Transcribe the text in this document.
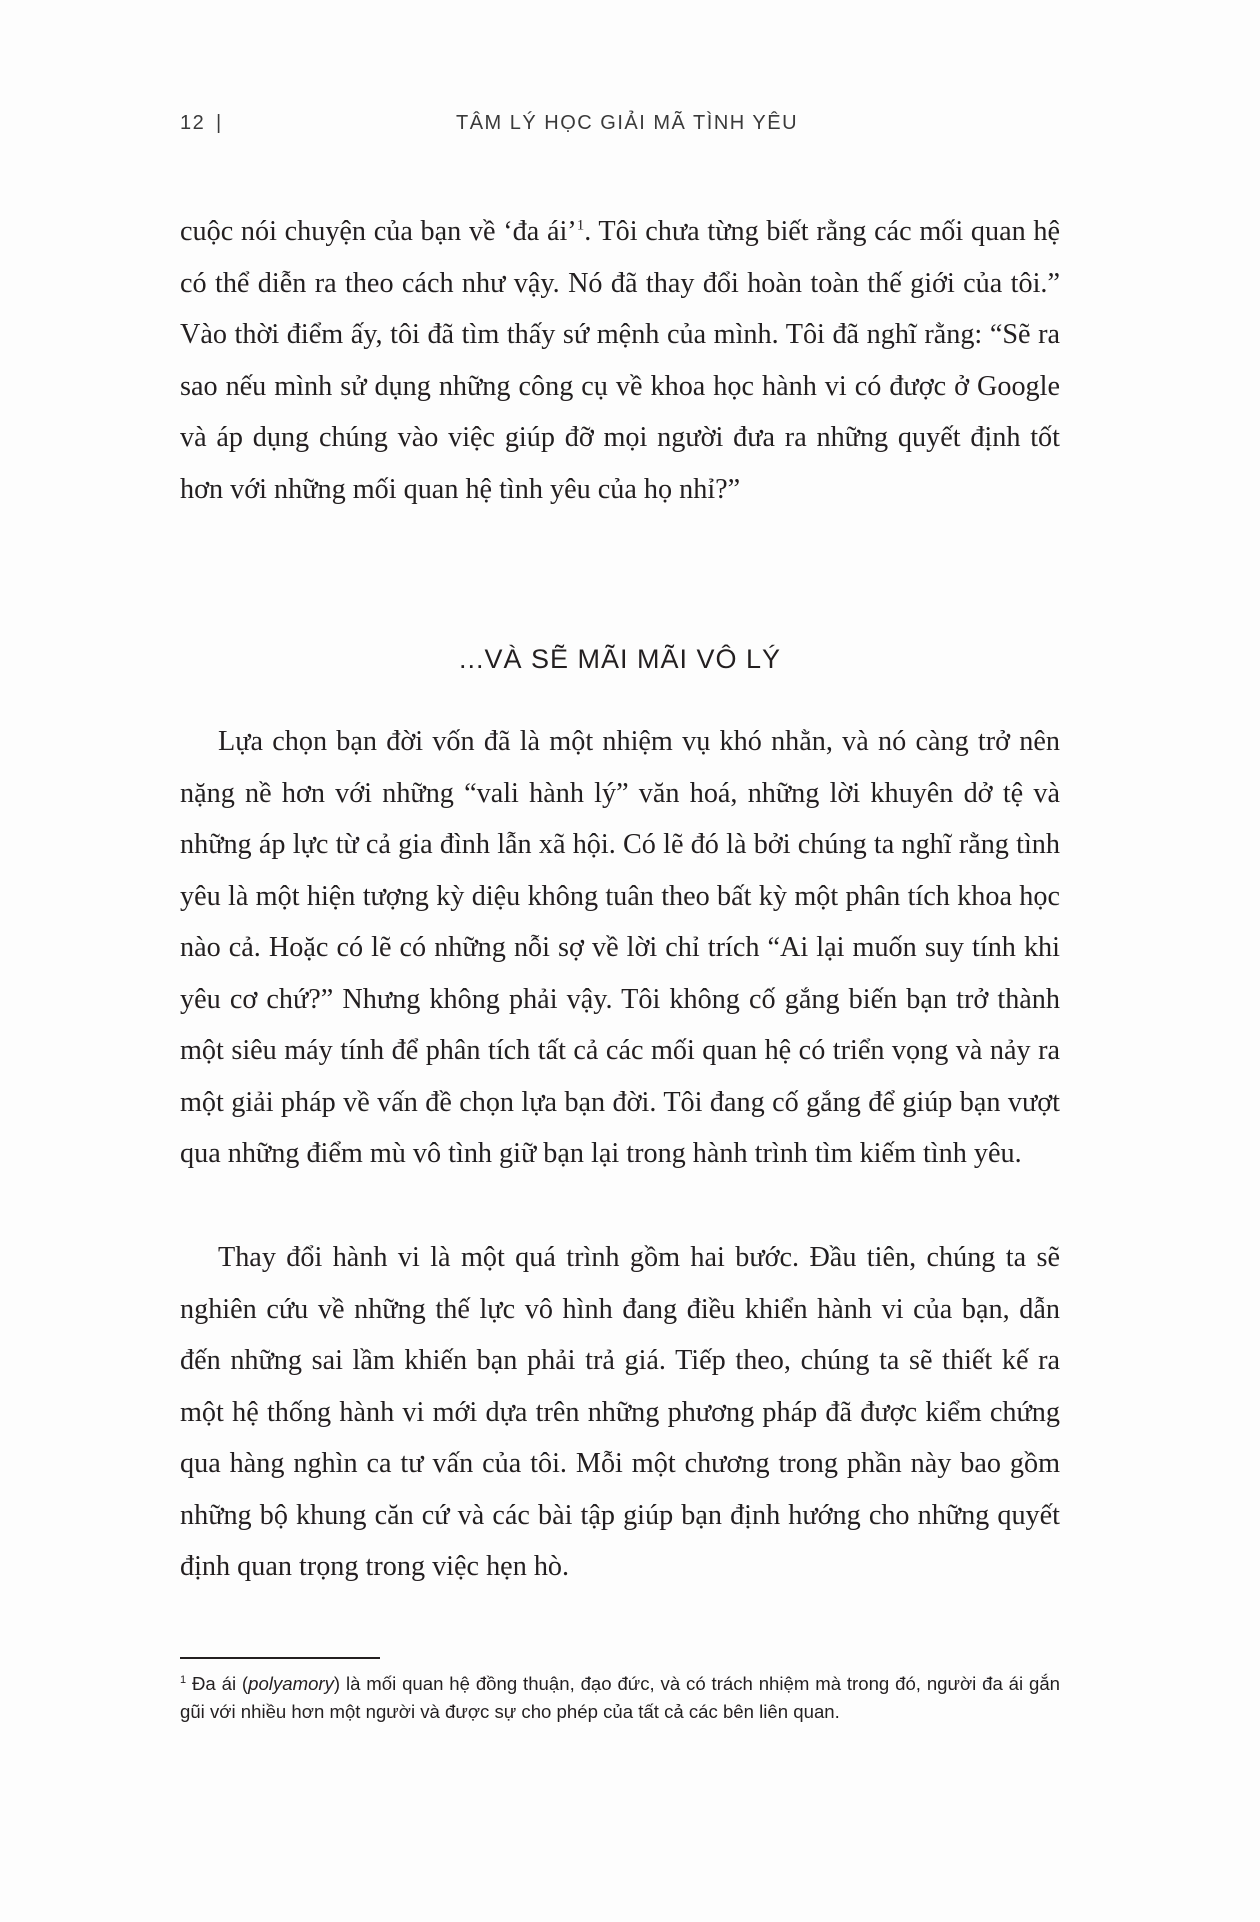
12 |	TÂM LÝ HỌC GIẢI MÃ TÌNH YÊU

cuộc nói chuyện của bạn về ‘đa ái’$^1$. Tôi chưa từng biết rằng các mối quan hệ có thể diễn ra theo cách như vậy. Nó đã thay đổi hoàn toàn thế giới của tôi.” Vào thời điểm ấy, tôi đã tìm thấy sứ mệnh của mình. Tôi đã nghĩ rằng: “Sẽ ra sao nếu mình sử dụng những công cụ về khoa học hành vi có được ở Google và áp dụng chúng vào việc giúp đỡ mọi người đưa ra những quyết định tốt hơn với những mối quan hệ tình yêu của họ nhỉ?”

...VÀ SẼ MÃI MÃI VÔ LÝ

Lựa chọn bạn đời vốn đã là một nhiệm vụ khó nhằn, và nó càng trở nên nặng nề hơn với những “vali hành lý” văn hoá, những lời khuyên dở tệ và những áp lực từ cả gia đình lẫn xã hội. Có lẽ đó là bởi chúng ta nghĩ rằng tình yêu là một hiện tượng kỳ diệu không tuân theo bất kỳ một phân tích khoa học nào cả. Hoặc có lẽ có những nỗi sợ về lời chỉ trích “Ai lại muốn suy tính khi yêu cơ chứ?” Nhưng không phải vậy. Tôi không cố gắng biến bạn trở thành một siêu máy tính để phân tích tất cả các mối quan hệ có triển vọng và nảy ra một giải pháp về vấn đề chọn lựa bạn đời. Tôi đang cố gắng để giúp bạn vượt qua những điểm mù vô tình giữ bạn lại trong hành trình tìm kiếm tình yêu.

Thay đổi hành vi là một quá trình gồm hai bước. Đầu tiên, chúng ta sẽ nghiên cứu về những thế lực vô hình đang điều khiển hành vi của bạn, dẫn đến những sai lầm khiến bạn phải trả giá. Tiếp theo, chúng ta sẽ thiết kế ra một hệ thống hành vi mới dựa trên những phương pháp đã được kiểm chứng qua hàng nghìn ca tư vấn của tôi. Mỗi một chương trong phần này bao gồm những bộ khung căn cứ và các bài tập giúp bạn định hướng cho những quyết định quan trọng trong việc hẹn hò.

$^1$ Đa ái (polyamory) là mối quan hệ đồng thuận, đạo đức, và có trách nhiệm mà trong đó, người đa ái gắn gũi với nhiều hơn một người và được sự cho phép của tất cả các bên liên quan.
